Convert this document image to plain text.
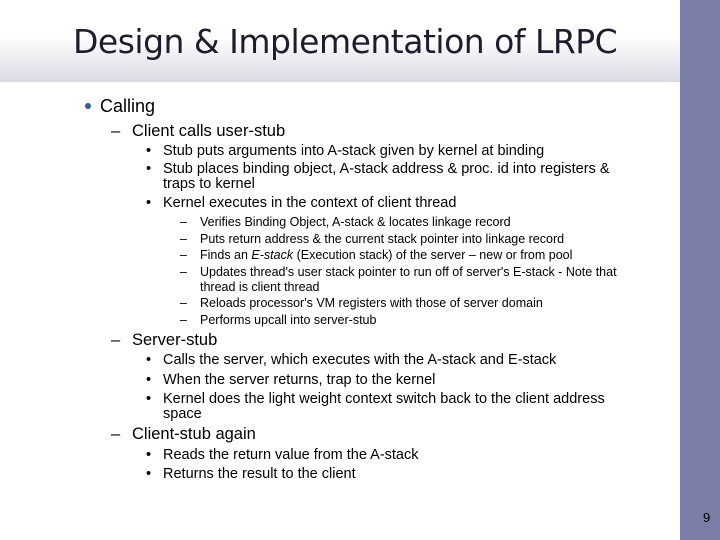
Design & Implementation of LRPC
Calling
– Client calls user-stub
• Stub puts arguments into A-stack given by kernel at binding
• Stub places binding object, A-stack address & proc. id into registers &
traps to kernel
• Kernel executes in the context of client thread
– Verifies Binding Object, A-stack & locates linkage record
– Puts return address & the current stack pointer into linkage record
– Finds an E-stack (Execution stack) of the server – new or from pool
– Updates thread's user stack pointer to run off of server's E-stack - Note that
thread is client thread
– Reloads processor's VM registers with those of server domain
– Performs upcall into server-stub
– Server-stub
• Calls the server, which executes with the A-stack and E-stack
• When the server returns, trap to the kernel
• Kernel does the light weight context switch back to the client address
space
– Client-stub again
• Reads the return value from the A-stack
• Returns the result to the client
9
